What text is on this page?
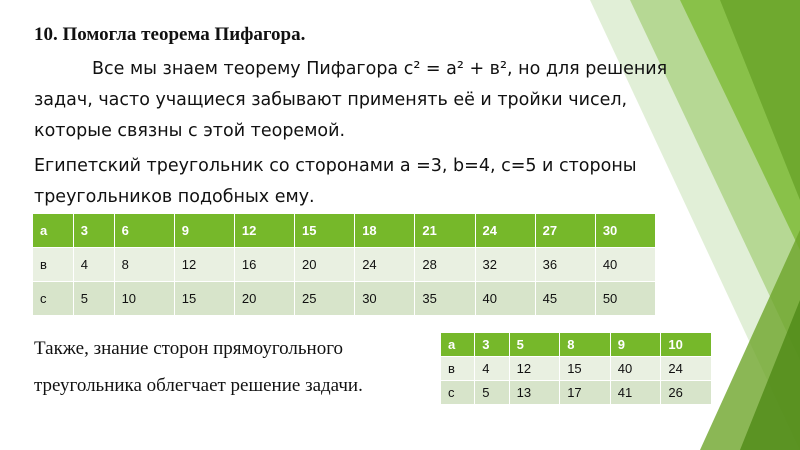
10. Помогла теорема Пифагора.

Все мы знаем теорему Пифагора с² = а² + в², но для решения задач, часто учащиеся забывают применять её и тройки чисел, которые связны с этой теоремой.

Египетский треугольник со сторонами а =3, b=4, с=5 и стороны треугольников подобных ему.

а	3	6	9	12	15	18	21	24	27	30
в	4	8	12	16	20	24	28	32	36	40
с	5	10	15	20	25	30	35	40	45	50
Также, знание сторон прямоугольного
треугольника облегчает решение задачи.
а	3	5	8	9	10
в	4	12	15	40	24
с	5	13	17	41	26
